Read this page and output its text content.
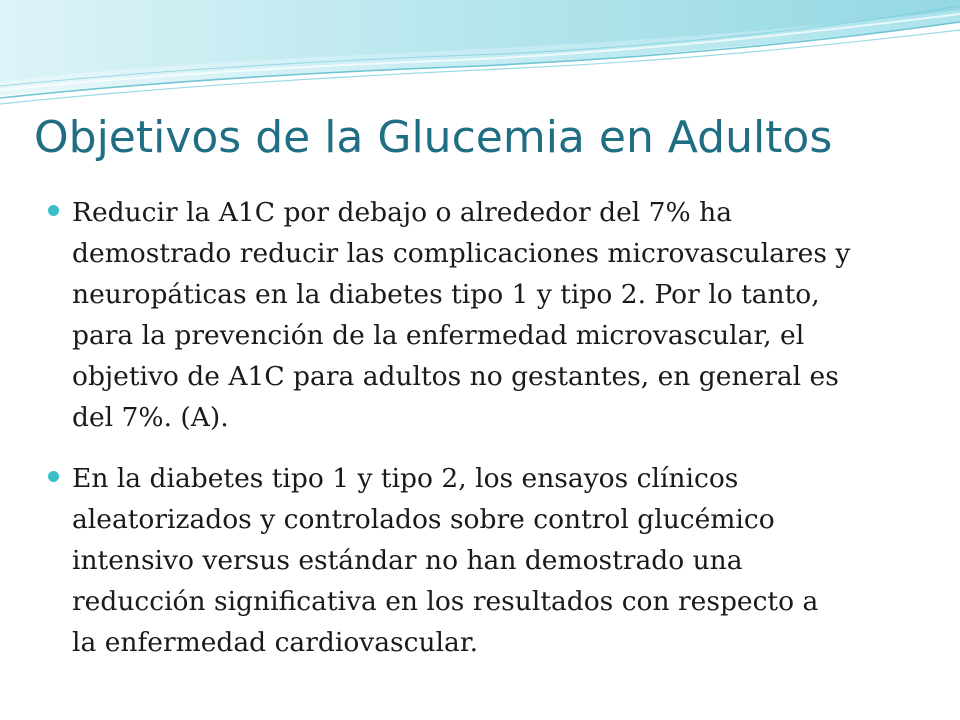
Objetivos de la Glucemia en Adultos
Reducir la A1C por debajo o alrededor del 7% ha
demostrado reducir las complicaciones microvasculares y
neuropáticas en la diabetes tipo 1 y tipo 2. Por lo tanto,
para la prevención de la enfermedad microvascular, el
objetivo de A1C para adultos no gestantes, en general es
del 7%. (A).
En la diabetes tipo 1 y tipo 2, los ensayos clínicos
aleatorizados y controlados sobre control glucémico
intensivo versus estándar no han demostrado una
reducción significativa en los resultados con respecto a
la enfermedad cardiovascular.
